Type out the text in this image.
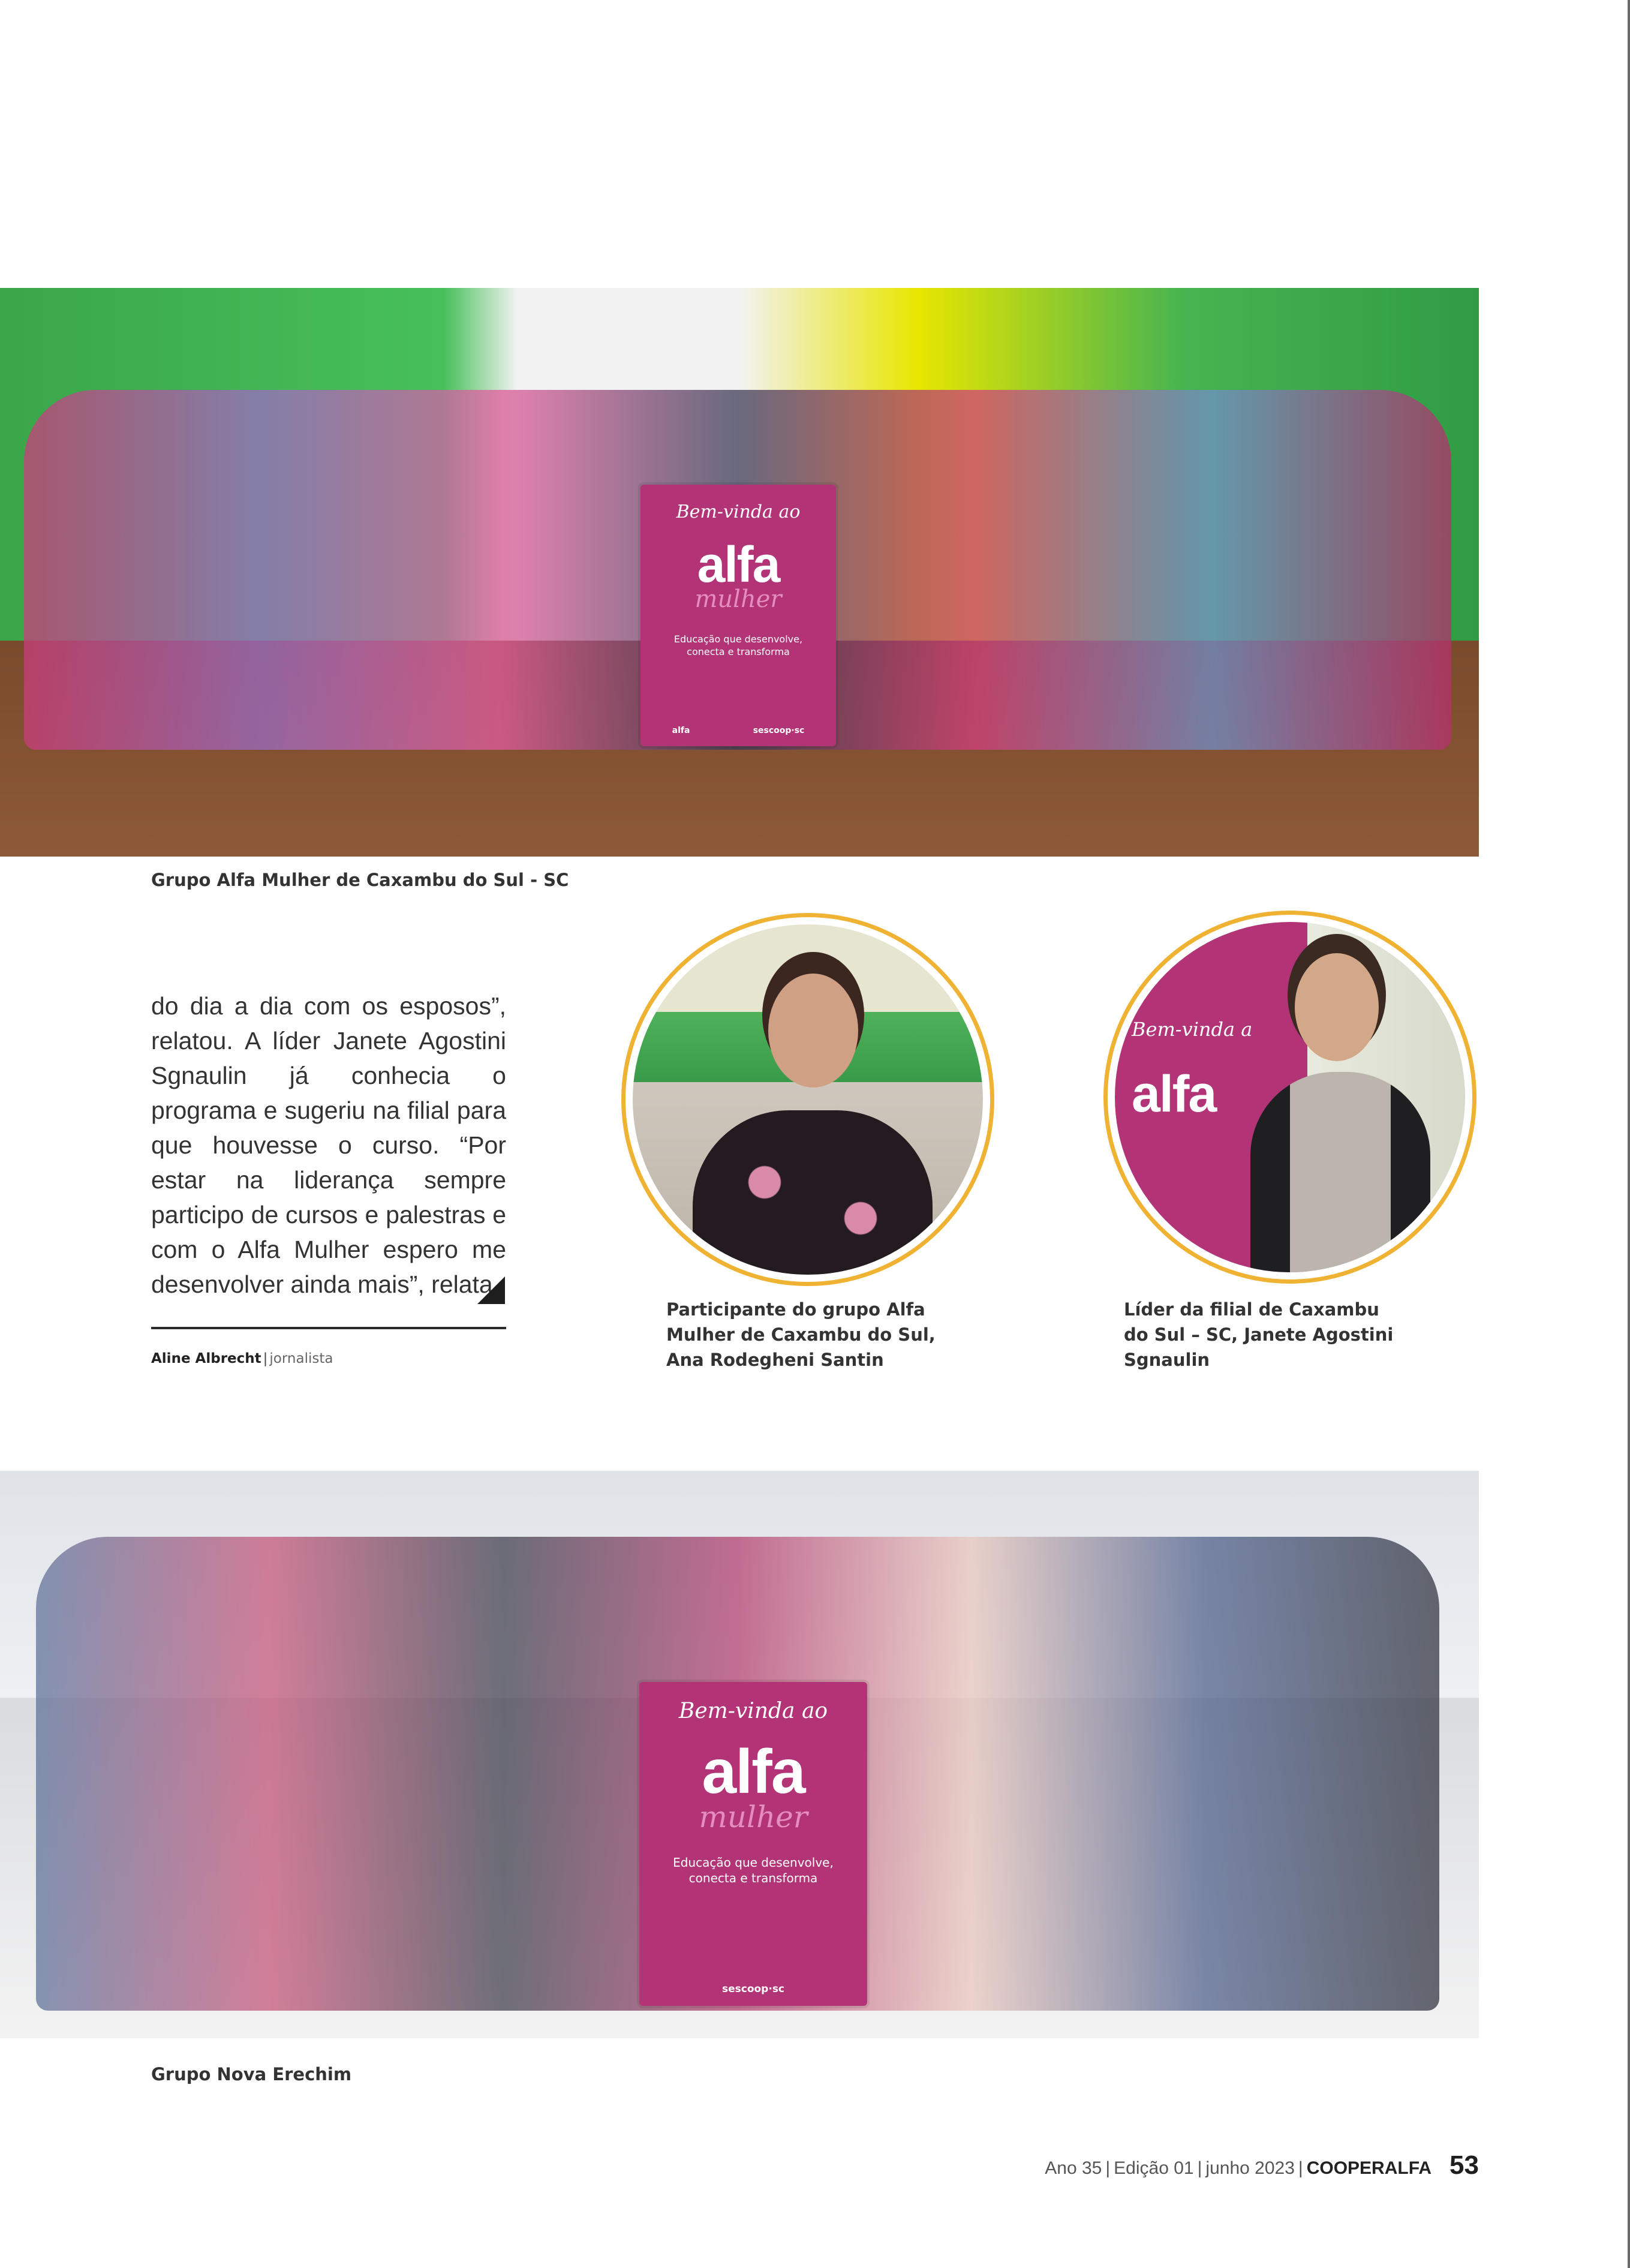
Bem-vinda ao
alfa
mulher
Educação que desenvolve, conecta e transforma
alfa	sescoop·sc

Grupo Alfa Mulher de Caxambu do Sul - SC

do dia a dia com os esposos”, relatou. A líder Janete Agostini Sgnaulin já conhecia o programa e sugeriu na filial para que houvesse o curso. “Por estar na liderança sempre participo de cursos e palestras e com o Alfa Mulher espero me desenvolver ainda mais”, relata.

Aline Albrecht | jornalista

Participante do grupo Alfa Mulher de Caxambu do Sul, Ana Rodegheni Santin

Bem-vinda a
alfa

Líder da filial de Caxambu do Sul – SC, Janete Agostini Sgnaulin

Bem-vinda ao
alfa
mulher
Educação que desenvolve, conecta e transforma
sescoop·sc

Grupo Nova Erechim

Ano 35 | Edição 01 | junho 2023 | COOPERALFA 53
